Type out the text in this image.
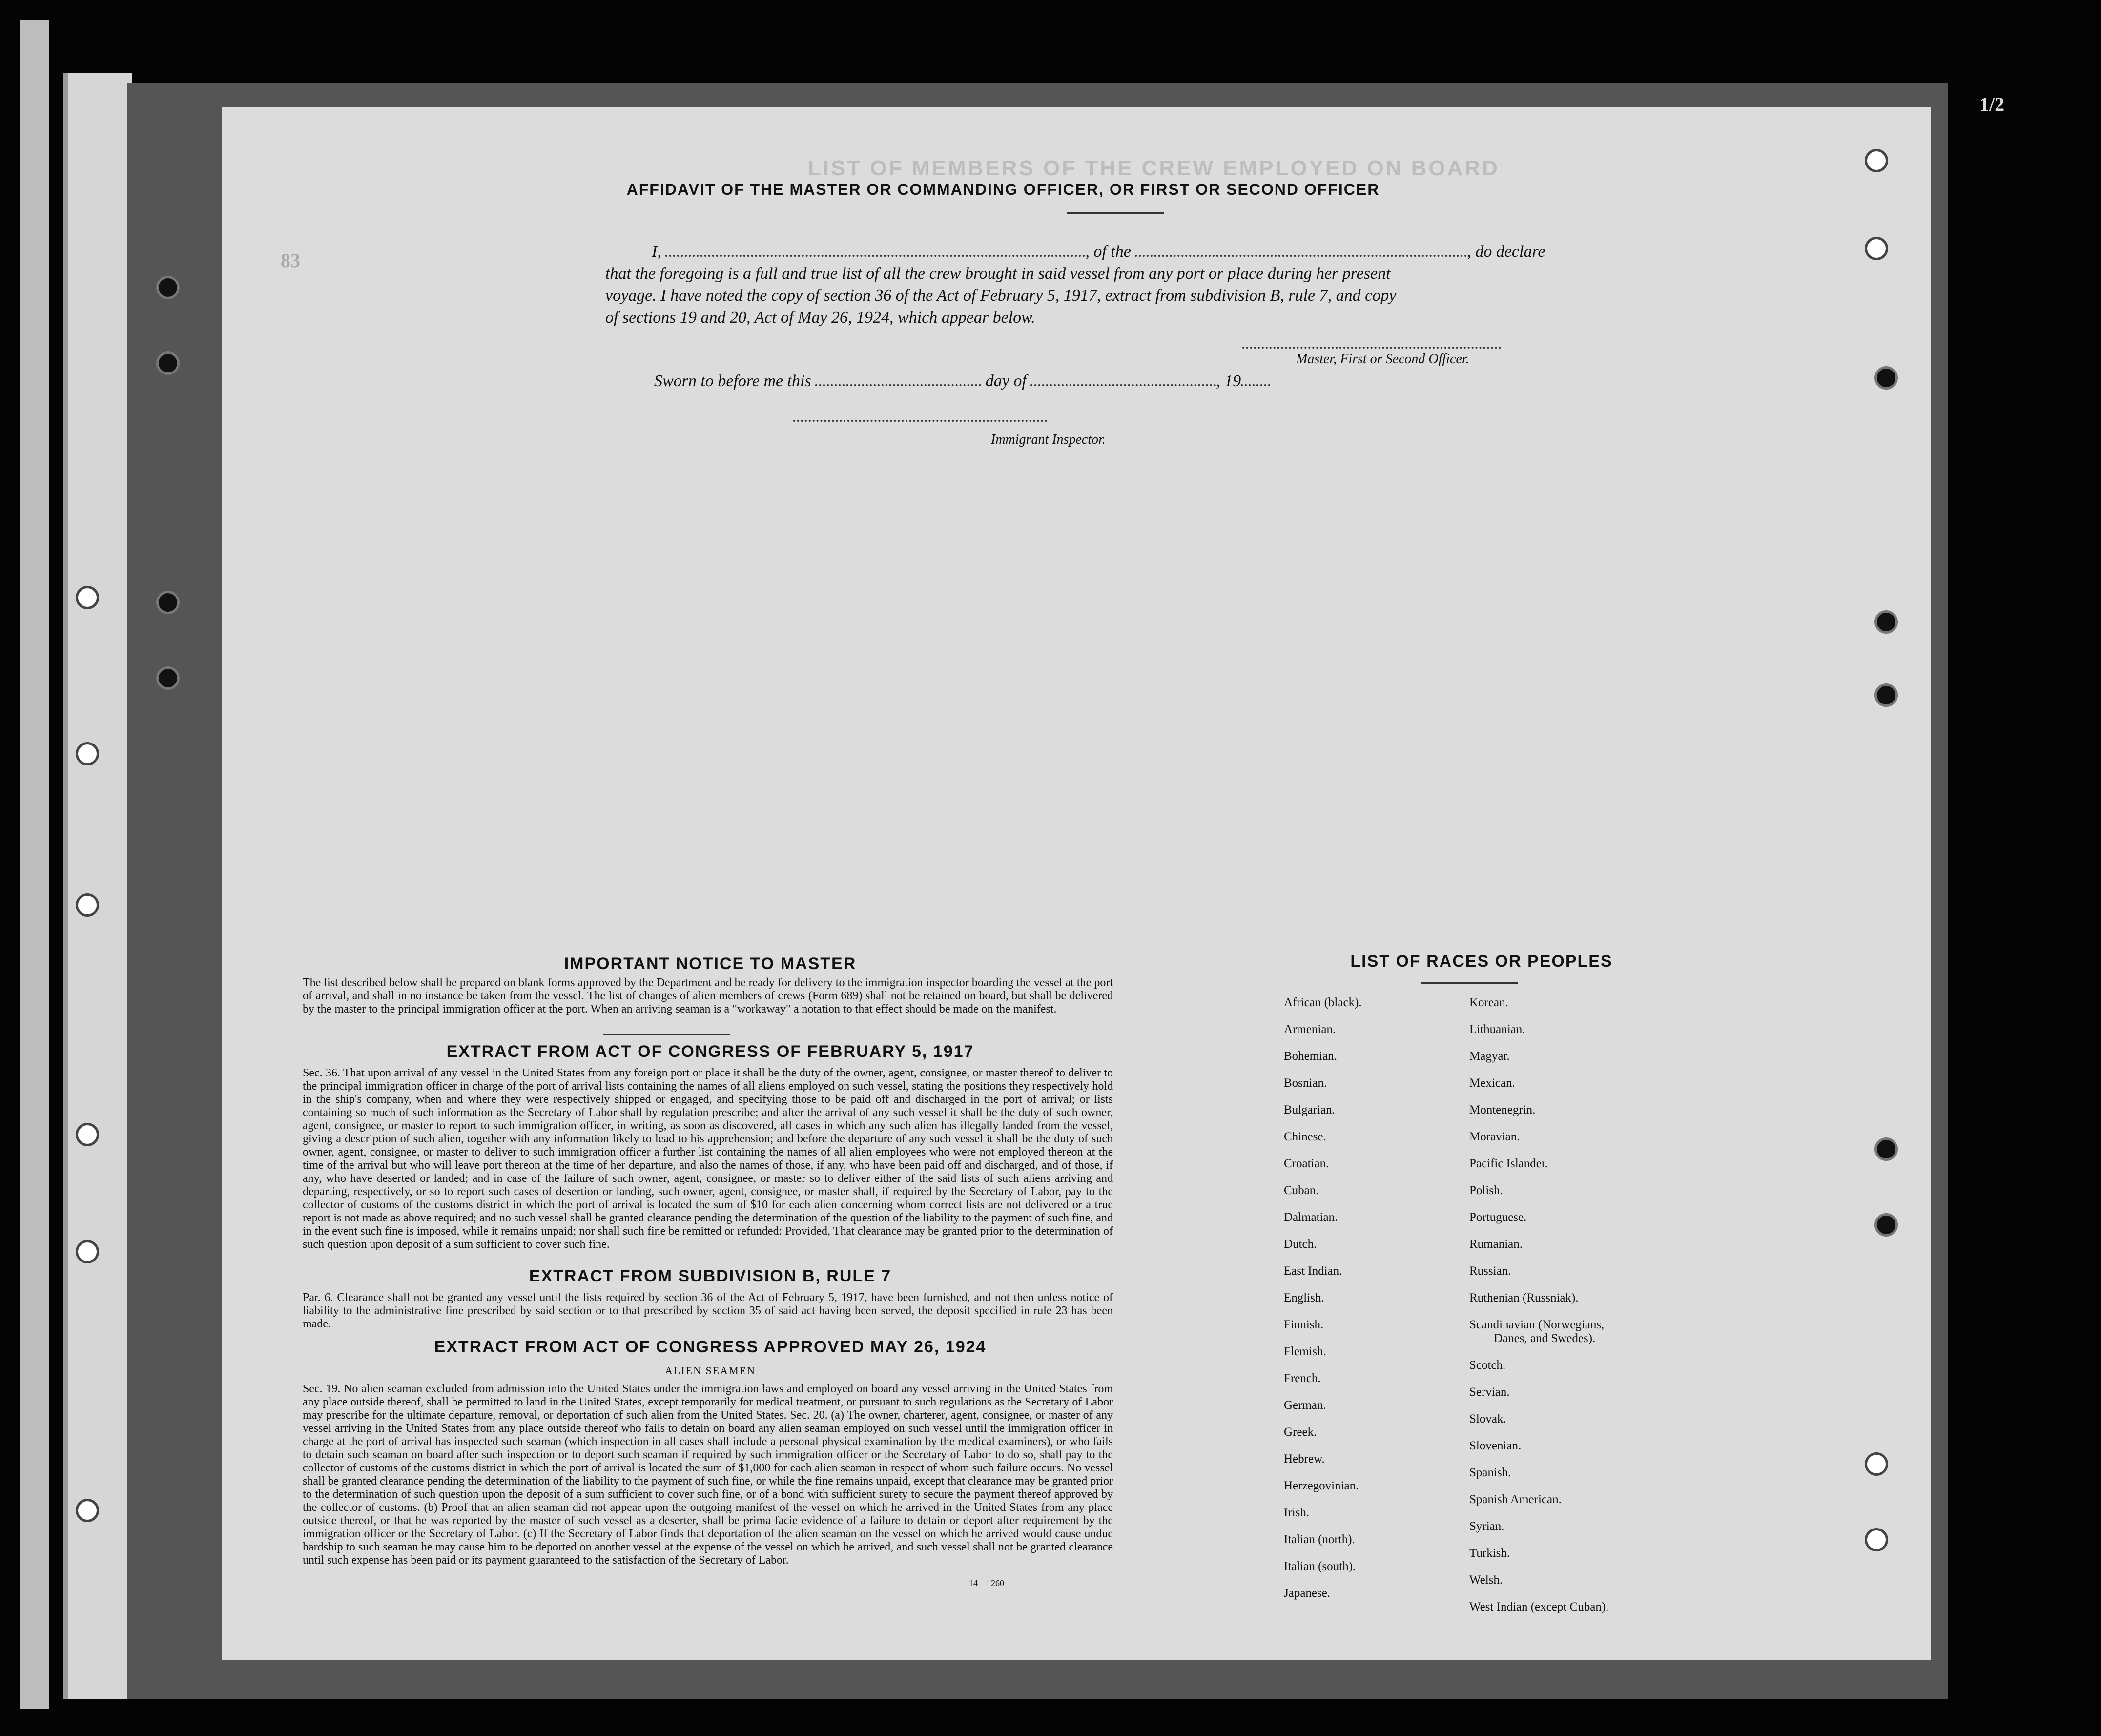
LIST OF MEMBERS OF THE CREW EMPLOYED ON BOARD
83
1/2
AFFIDAVIT OF THE MASTER OR COMMANDING OFFICER, OR FIRST OR SECOND OFFICER
I,	, of the	, do declare
that the foregoing is a full and true list of all the crew brought in said vessel from any port or place during her present
voyage. I have noted the copy of section 36 of the Act of February 5, 1917, extract from subdivision B, rule 7, and copy
of sections 19 and 20, Act of May 26, 1924, which appear below.
Master, First or Second Officer.
Sworn to before me this	day of	, 19
Immigrant Inspector.
IMPORTANT NOTICE TO MASTER
The list described below shall be prepared on blank forms approved by the Department and be ready for delivery to the immigration inspector boarding the vessel at the port of arrival, and shall in no instance be taken from the vessel. The list of changes of alien members of crews (Form 689) shall not be retained on board, but shall be delivered by the master to the principal immigration officer at the port. When an arriving seaman is a "workaway" a notation to that effect should be made on the manifest.
EXTRACT FROM ACT OF CONGRESS OF FEBRUARY 5, 1917
Sec. 36. That upon arrival of any vessel in the United States from any foreign port or place it shall be the duty of the owner, agent, consignee, or master thereof to deliver to the principal immigration officer in charge of the port of arrival lists containing the names of all aliens employed on such vessel, stating the positions they respectively hold in the ship's company, when and where they were respectively shipped or engaged, and specifying those to be paid off and discharged in the port of arrival; or lists containing so much of such information as the Secretary of Labor shall by regulation prescribe; and after the arrival of any such vessel it shall be the duty of such owner, agent, consignee, or master to report to such immigration officer, in writing, as soon as discovered, all cases in which any such alien has illegally landed from the vessel, giving a description of such alien, together with any information likely to lead to his apprehension; and before the departure of any such vessel it shall be the duty of such owner, agent, consignee, or master to deliver to such immigration officer a further list containing the names of all alien employees who were not employed thereon at the time of the arrival but who will leave port thereon at the time of her departure, and also the names of those, if any, who have been paid off and discharged, and of those, if any, who have deserted or landed; and in case of the failure of such owner, agent, consignee, or master so to deliver either of the said lists of such aliens arriving and departing, respectively, or so to report such cases of desertion or landing, such owner, agent, consignee, or master shall, if required by the Secretary of Labor, pay to the collector of customs of the customs district in which the port of arrival is located the sum of $10 for each alien concerning whom correct lists are not delivered or a true report is not made as above required; and no such vessel shall be granted clearance pending the determination of the question of the liability to the payment of such fine, and in the event such fine is imposed, while it remains unpaid; nor shall such fine be remitted or refunded: Provided, That clearance may be granted prior to the determination of such question upon deposit of a sum sufficient to cover such fine.
EXTRACT FROM SUBDIVISION B, RULE 7
Par. 6. Clearance shall not be granted any vessel until the lists required by section 36 of the Act of February 5, 1917, have been furnished, and not then unless notice of liability to the administrative fine prescribed by said section or to that prescribed by section 35 of said act having been served, the deposit specified in rule 23 has been made.
EXTRACT FROM ACT OF CONGRESS APPROVED MAY 26, 1924
ALIEN SEAMEN
Sec. 19. No alien seaman excluded from admission into the United States under the immigration laws and employed on board any vessel arriving in the United States from any place outside thereof, shall be permitted to land in the United States, except temporarily for medical treatment, or pursuant to such regulations as the Secretary of Labor may prescribe for the ultimate departure, removal, or deportation of such alien from the United States. Sec. 20. (a) The owner, charterer, agent, consignee, or master of any vessel arriving in the United States from any place outside thereof who fails to detain on board any alien seaman employed on such vessel until the immigration officer in charge at the port of arrival has inspected such seaman (which inspection in all cases shall include a personal physical examination by the medical examiners), or who fails to detain such seaman on board after such inspection or to deport such seaman if required by such immigration officer or the Secretary of Labor to do so, shall pay to the collector of customs of the customs district in which the port of arrival is located the sum of $1,000 for each alien seaman in respect of whom such failure occurs. No vessel shall be granted clearance pending the determination of the liability to the payment of such fine, or while the fine remains unpaid, except that clearance may be granted prior to the determination of such question upon the deposit of a sum sufficient to cover such fine, or of a bond with sufficient surety to secure the payment thereof approved by the collector of customs. (b) Proof that an alien seaman did not appear upon the outgoing manifest of the vessel on which he arrived in the United States from any place outside thereof, or that he was reported by the master of such vessel as a deserter, shall be prima facie evidence of a failure to detain or deport after requirement by the immigration officer or the Secretary of Labor. (c) If the Secretary of Labor finds that deportation of the alien seaman on the vessel on which he arrived would cause undue hardship to such seaman he may cause him to be deported on another vessel at the expense of the vessel on which he arrived, and such vessel shall not be granted clearance until such expense has been paid or its payment guaranteed to the satisfaction of the Secretary of Labor.
14—1260
LIST OF RACES OR PEOPLES
African (black).
Armenian.
Bohemian.
Bosnian.
Bulgarian.
Chinese.
Croatian.
Cuban.
Dalmatian.
Dutch.
East Indian.
English.
Finnish.
Flemish.
French.
German.
Greek.
Hebrew.
Herzegovinian.
Irish.
Italian (north).
Italian (south).
Japanese.
Korean.
Lithuanian.
Magyar.
Mexican.
Montenegrin.
Moravian.
Pacific Islander.
Polish.
Portuguese.
Rumanian.
Russian.
Ruthenian (Russniak).
Scandinavian (Norwegians,
Danes, and Swedes).
Scotch.
Servian.
Slovak.
Slovenian.
Spanish.
Spanish American.
Syrian.
Turkish.
Welsh.
West Indian (except Cuban).
